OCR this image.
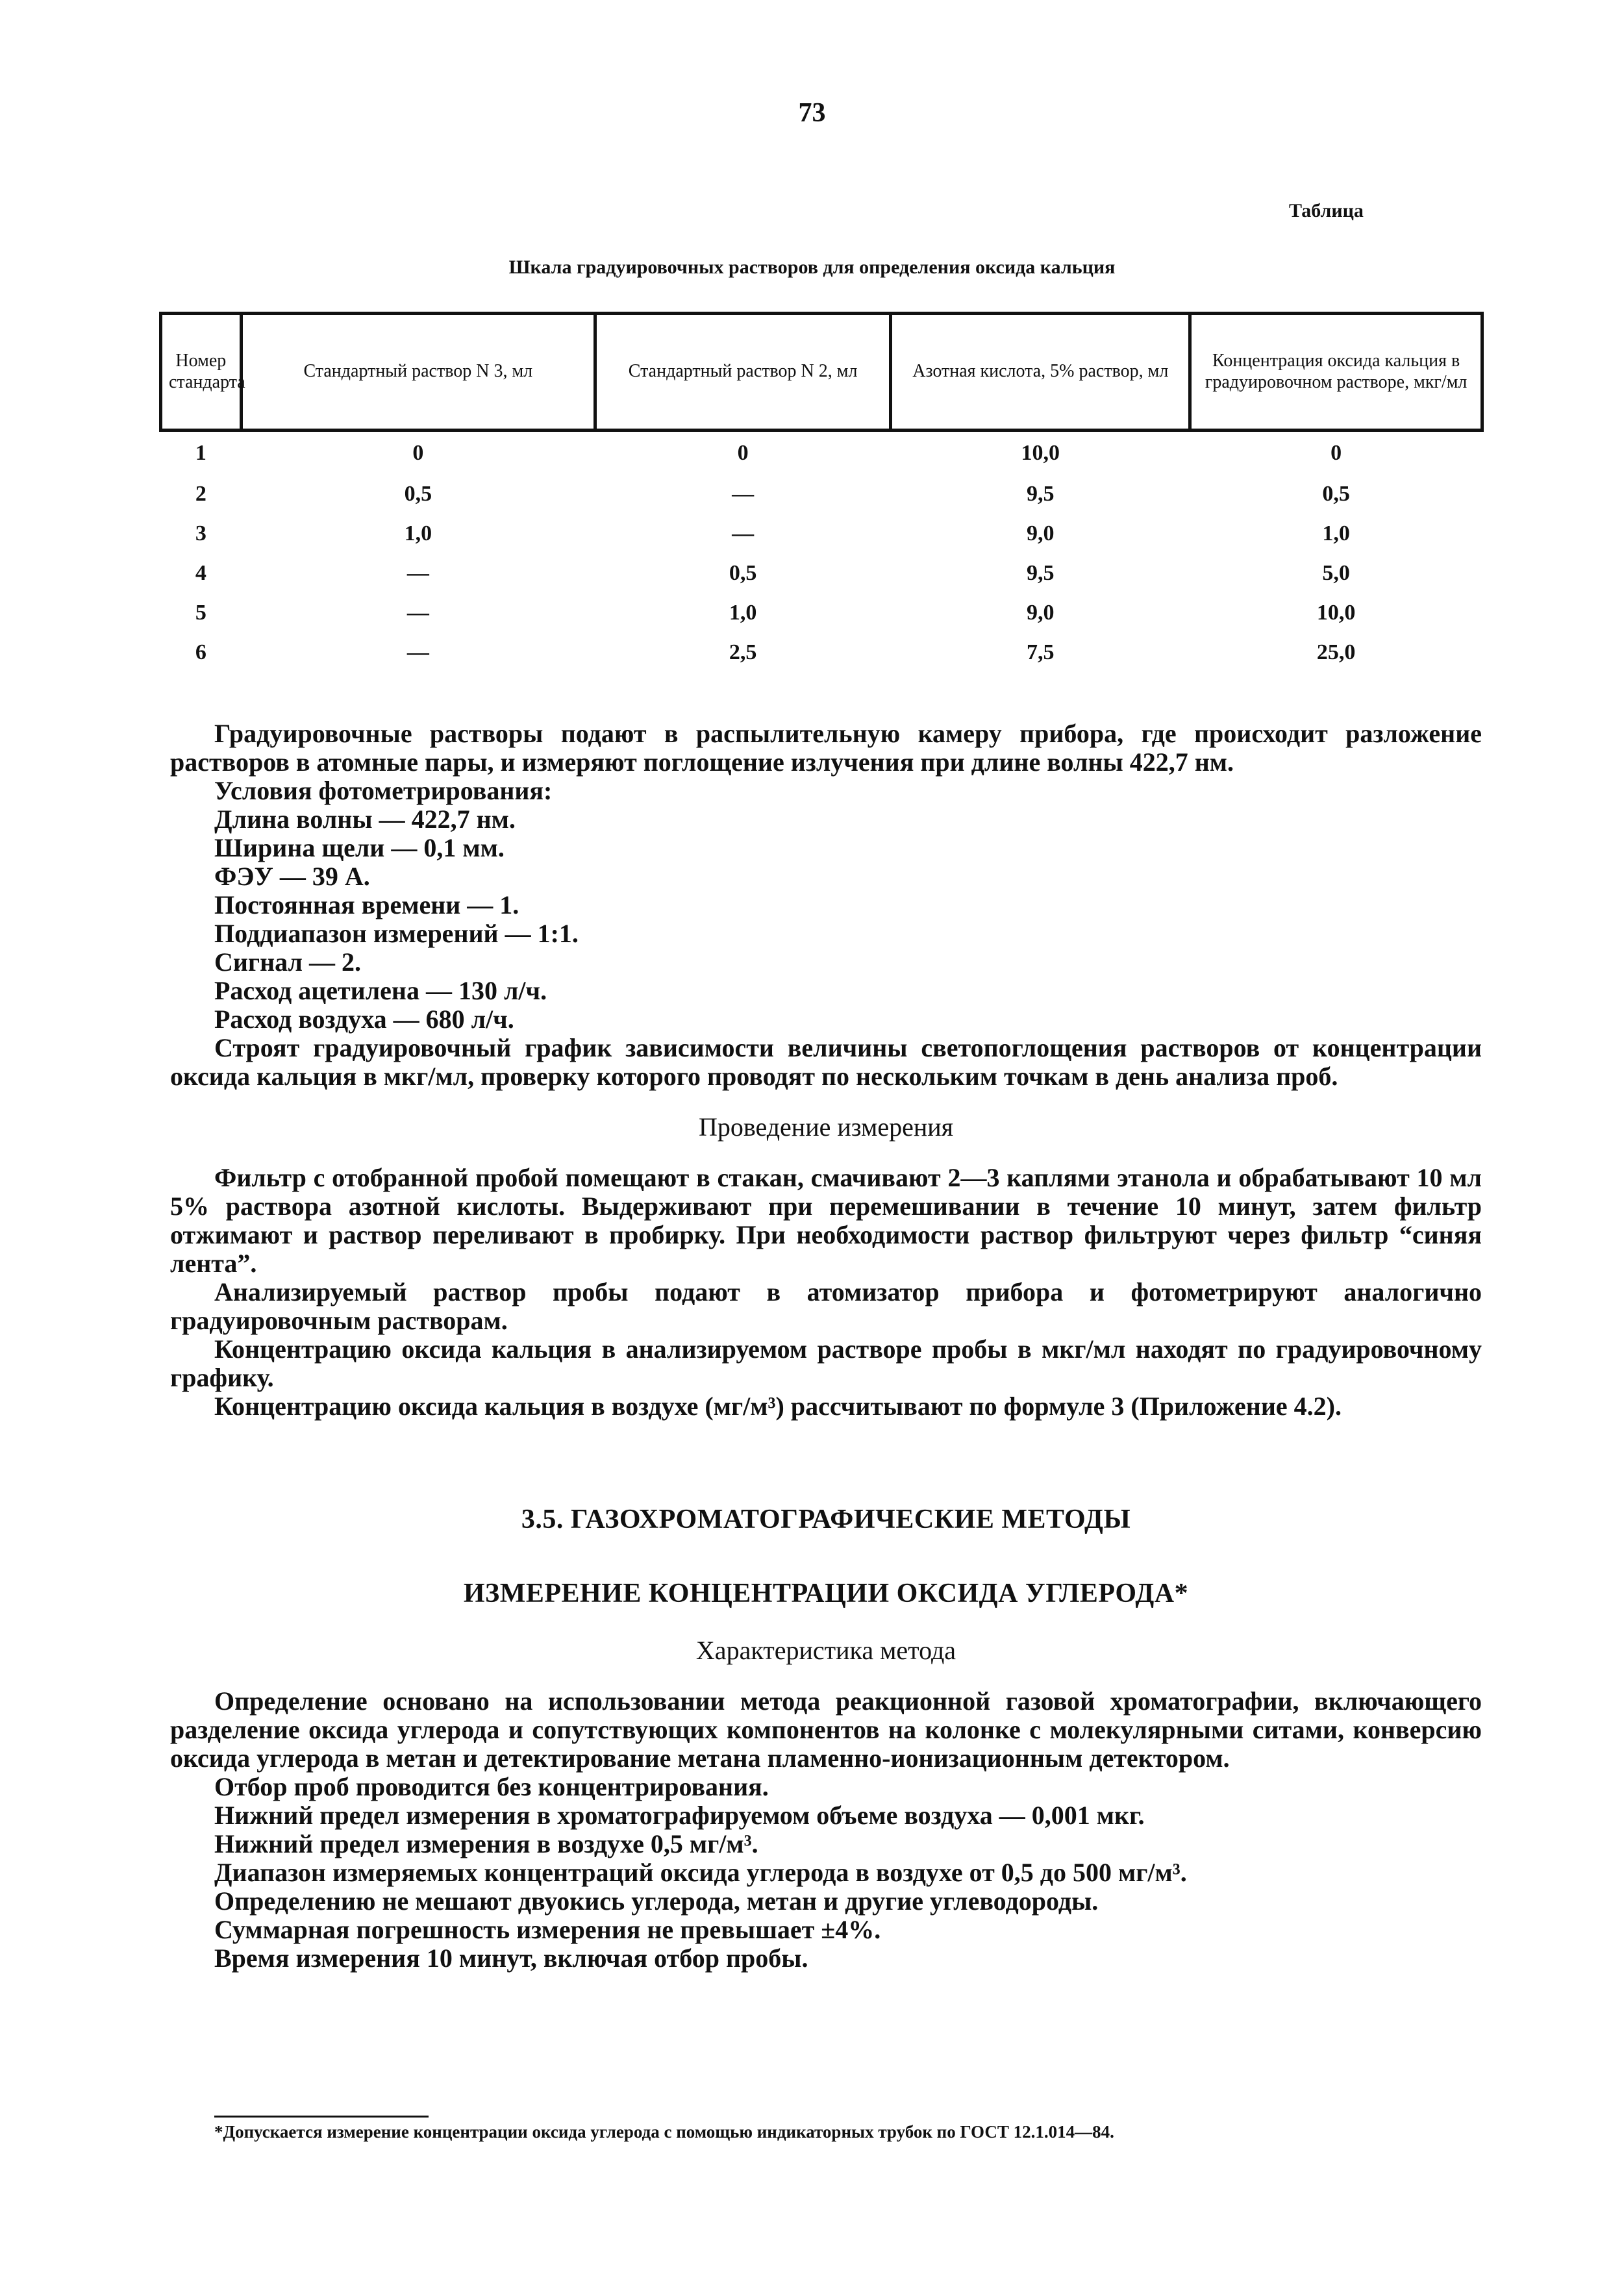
73
Таблица
Шкала градуировочных растворов для определения оксида кальция
Номер стандарта	Стандартный раствор N 3, мл	Стандартный раствор N 2, мл	Азотная кислота, 5% раствор, мл	Концентрация оксида кальция в градуировочном растворе, мкг/мл
1	0	0	10,0	0
2	0,5	—	9,5	0,5
3	1,0	—	9,0	1,0
4	—	0,5	9,5	5,0
5	—	1,0	9,0	10,0
6	—	2,5	7,5	25,0

Градуировочные растворы подают в распылительную камеру прибора, где происходит разложение растворов в атомные пары, и измеряют поглощение излучения при длине волны 422,7 нм.

Условия фотометрирования:

Длина волны — 422,7 нм.

Ширина щели — 0,1 мм.

ФЭУ — 39 А.

Постоянная времени — 1.

Поддиапазон измерений — 1:1.

Сигнал — 2.

Расход ацетилена — 130 л/ч.

Расход воздуха — 680 л/ч.

Строят градуировочный график зависимости величины светопоглощения растворов от концентрации оксида кальция в мкг/мл, проверку которого проводят по нескольким точкам в день анализа проб.

Проведение измерения

Фильтр с отобранной пробой помещают в стакан, смачивают 2—3 каплями этанола и обрабатывают 10 мл 5% раствора азотной кислоты. Выдерживают при перемешивании в течение 10 минут, затем фильтр отжимают и раствор переливают в пробирку. При необходимости раствор фильтруют через фильтр “синяя лента”.

Анализируемый раствор пробы подают в атомизатор прибора и фотометрируют аналогично градуировочным растворам.

Концентрацию оксида кальция в анализируемом растворе пробы в мкг/мл находят по градуировочному графику.

Концентрацию оксида кальция в воздухе (мг/м³) рассчитывают по формуле 3 (Приложение 4.2).

3.5. ГАЗОХРОМАТОГРАФИЧЕСКИЕ МЕТОДЫ
ИЗМЕРЕНИЕ КОНЦЕНТРАЦИИ ОКСИДА УГЛЕРОДА*
Характеристика метода

Определение основано на использовании метода реакционной газовой хроматографии, включающего разделение оксида углерода и сопутствующих компонентов на колонке с молекулярными ситами, конверсию оксида углерода в метан и детектирование метана пламенно-ионизационным детектором.

Отбор проб проводится без концентрирования.

Нижний предел измерения в хроматографируемом объеме воздуха — 0,001 мкг.

Нижний предел измерения в воздухе 0,5 мг/м³.

Диапазон измеряемых концентраций оксида углерода в воздухе от 0,5 до 500 мг/м³.

Определению не мешают двуокись углерода, метан и другие углеводороды.

Суммарная погрешность измерения не превышает ±4%.

Время измерения 10 минут, включая отбор пробы.

*Допускается измерение концентрации оксида углерода с помощью индикаторных трубок по ГОСТ 12.1.014—84.
